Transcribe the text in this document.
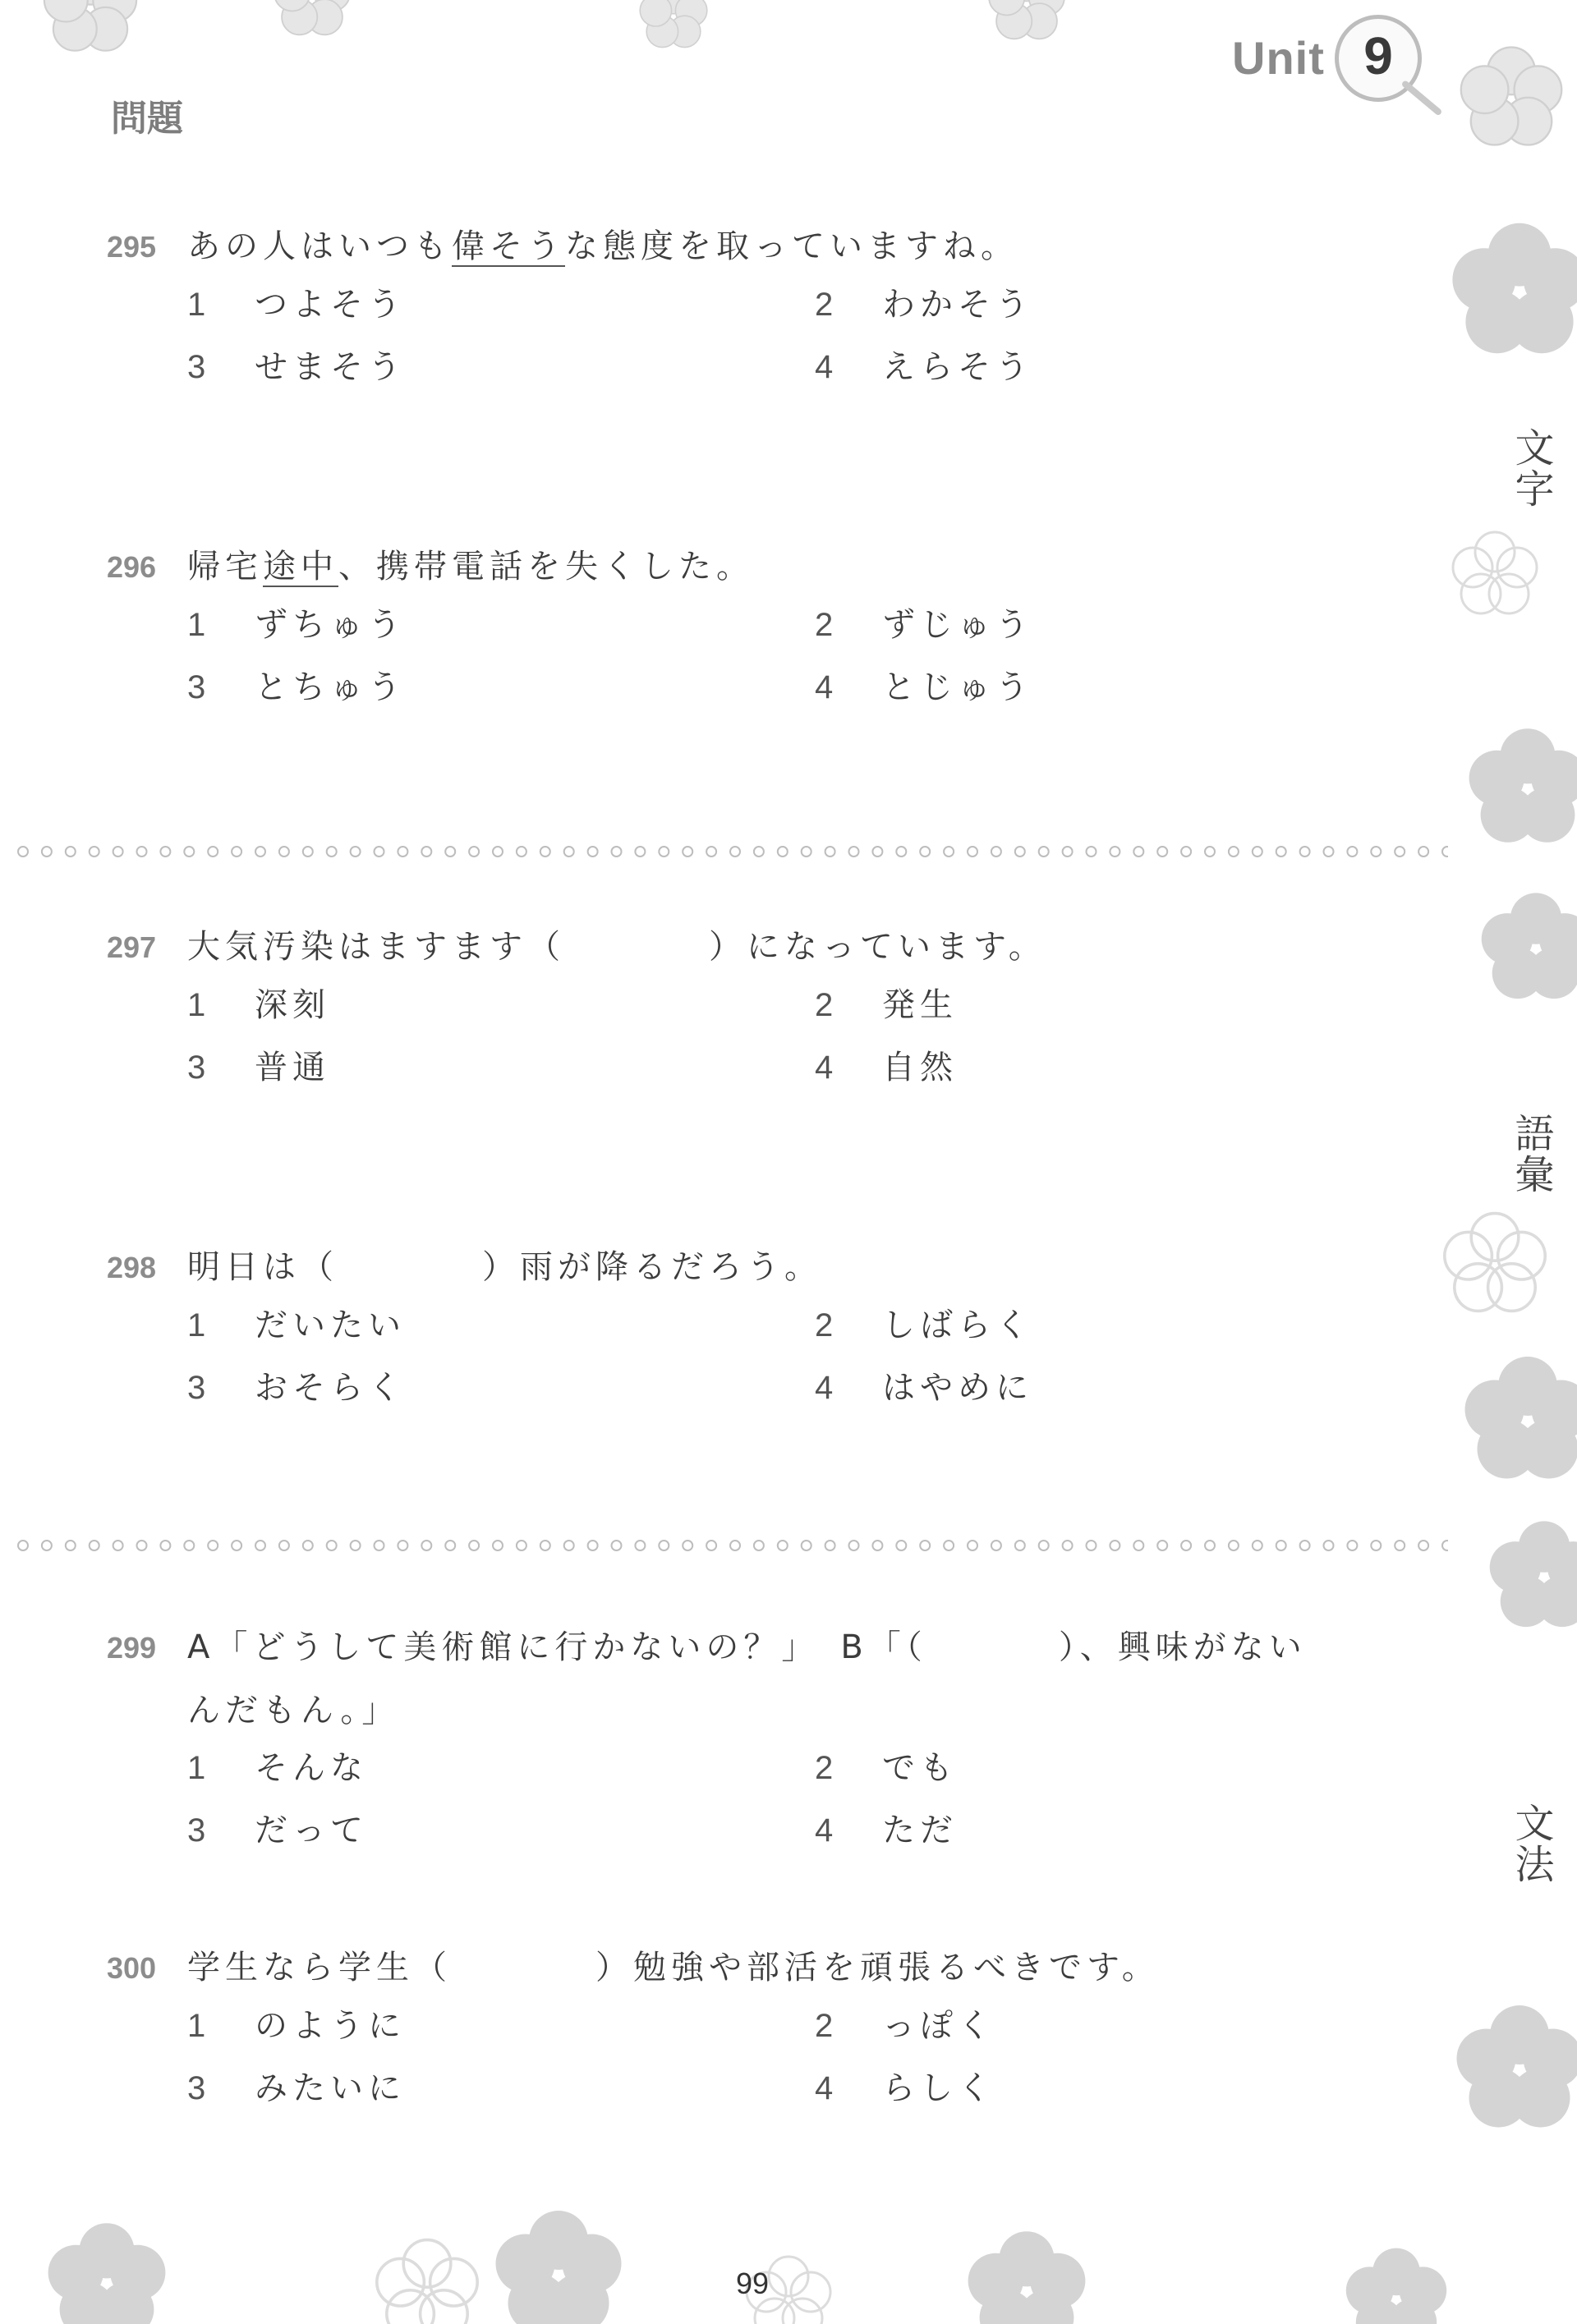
Unit 9
問題
文字
語彙
文法
295 あの人はいつも偉そうな態度を取っていますね。
1 つよそう	2 わかそう
3 せまそう	4 えらそう
296 帰宅途中、携帯電話を失くした。
1 ずちゅう	2 ずじゅう
3 とちゅう	4 とじゅう
297 大気汚染はますます（	）になっています。
1 深刻	2 発生
3 普通	4 自然
298 明日は（	）雨が降るだろう。
1 だいたい	2 しばらく
3 おそらく	4 はやめに
299 A「どうして美術館に行かないの？」　B「（	）、興味がない
んだもん。」
1 そんな	2 でも
3 だって	4 ただ
300 学生なら学生（	）勉強や部活を頑張るべきです。
1 のように	2 っぽく
3 みたいに	4 らしく
99
